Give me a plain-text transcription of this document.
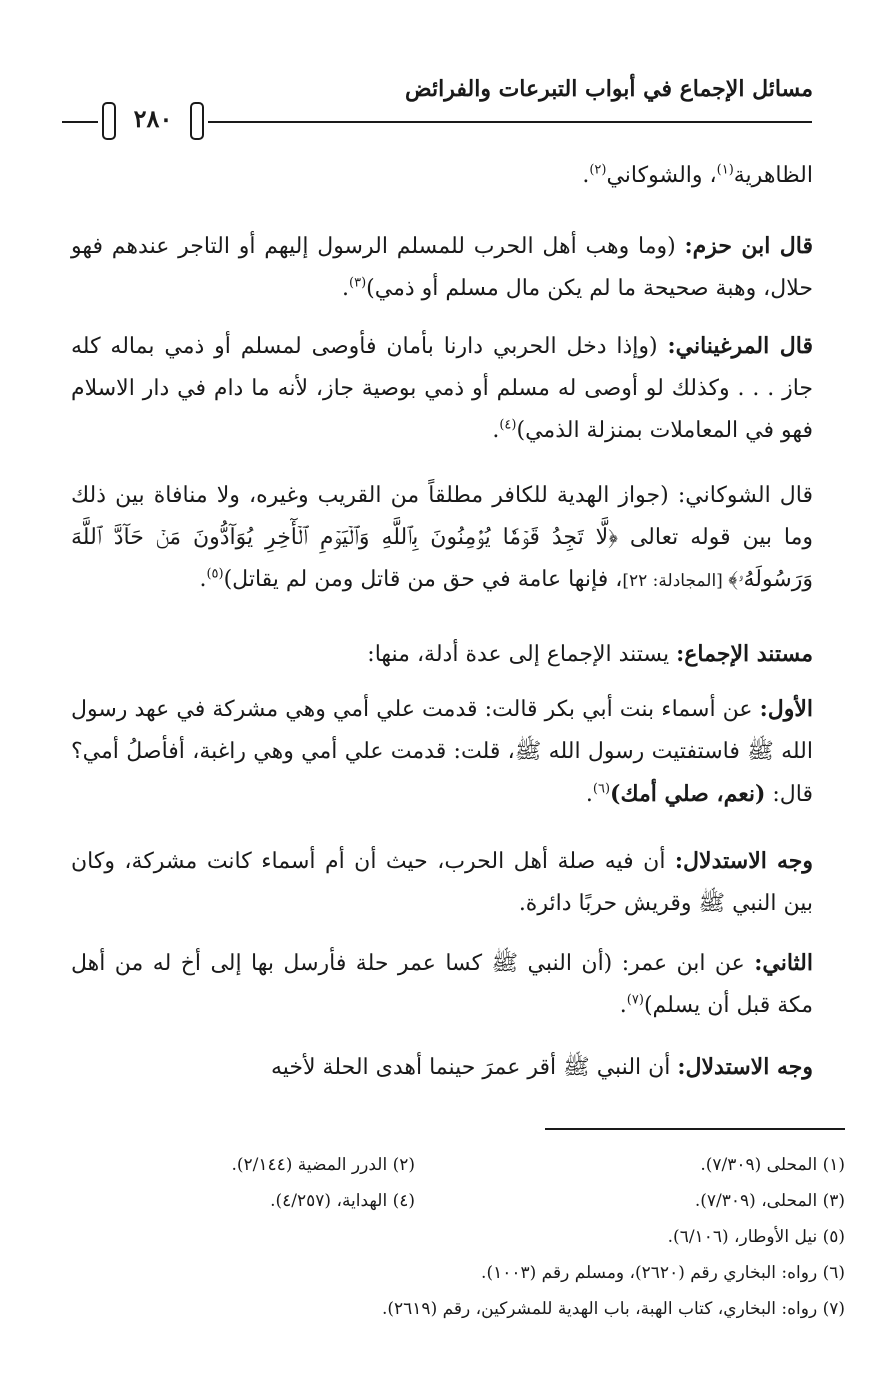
مسائل الإجماع في أبواب التبرعات والفرائض
٢٨٠
الظاهرية$^{(١)}$، والشوكاني$^{(٢)}$.
قال ابن حزم: (وما وهب أهل الحرب للمسلم الرسول إليهم أو التاجر عندهم فهو حلال، وهبة صحيحة ما لم يكن مال مسلم أو ذمي)$^{(٣)}$.
قال المرغيناني: (وإذا دخل الحربي دارنا بأمان فأوصى لمسلم أو ذمي بماله كله جاز . . . وكذلك لو أوصى له مسلم أو ذمي بوصية جاز، لأنه ما دام في دار الاسلام فهو في المعاملات بمنزلة الذمي)$^{(٤)}$.
قال الشوكاني: (جواز الهدية للكافر مطلقاً من القريب وغيره، ولا منافاة بين ذلك وما بين قوله تعالى ﴿لَّا تَجِدُ قَوۡمٗا يُؤۡمِنُونَ بِٱللَّهِ وَٱلۡيَوۡمِ ٱلۡأٓخِرِ يُوَآدُّونَ مَنۡ حَآدَّ ٱللَّهَ وَرَسُولَهُۥ﴾ [المجادلة: ٢٢]، فإنها عامة في حق من قاتل ومن لم يقاتل)$^{(٥)}$.
مستند الإجماع: يستند الإجماع إلى عدة أدلة، منها:
الأول: عن أسماء بنت أبي بكر قالت: قدمت علي أمي وهي مشركة في عهد رسول الله ﷺ فاستفتيت رسول الله ﷺ، قلت: قدمت علي أمي وهي راغبة، أفأصلُ أمي؟ قال: (نعم، صلي أمك)$^{(٦)}$.
وجه الاستدلال: أن فيه صلة أهل الحرب، حيث أن أم أسماء كانت مشركة، وكان بين النبي ﷺ وقريش حربًا دائرة.
الثاني: عن ابن عمر: (أن النبي ﷺ كسا عمر حلة فأرسل بها إلى أخ له من أهل مكة قبل أن يسلم)$^{(٧)}$.
وجه الاستدلال: أن النبي ﷺ أقر عمرَ حينما أهدى الحلة لأخيه
(١) المحلى (٧/٣٠٩).
(٢) الدرر المضية (٢/١٤٤).
(٣) المحلى، (٧/٣٠٩).
(٤) الهداية، (٤/٢٥٧).
(٥) نيل الأوطار، (٦/١٠٦).
(٦) رواه: البخاري رقم (٢٦٢٠)، ومسلم رقم (١٠٠٣).
(٧) رواه: البخاري، كتاب الهبة، باب الهدية للمشركين، رقم (٢٦١٩).
